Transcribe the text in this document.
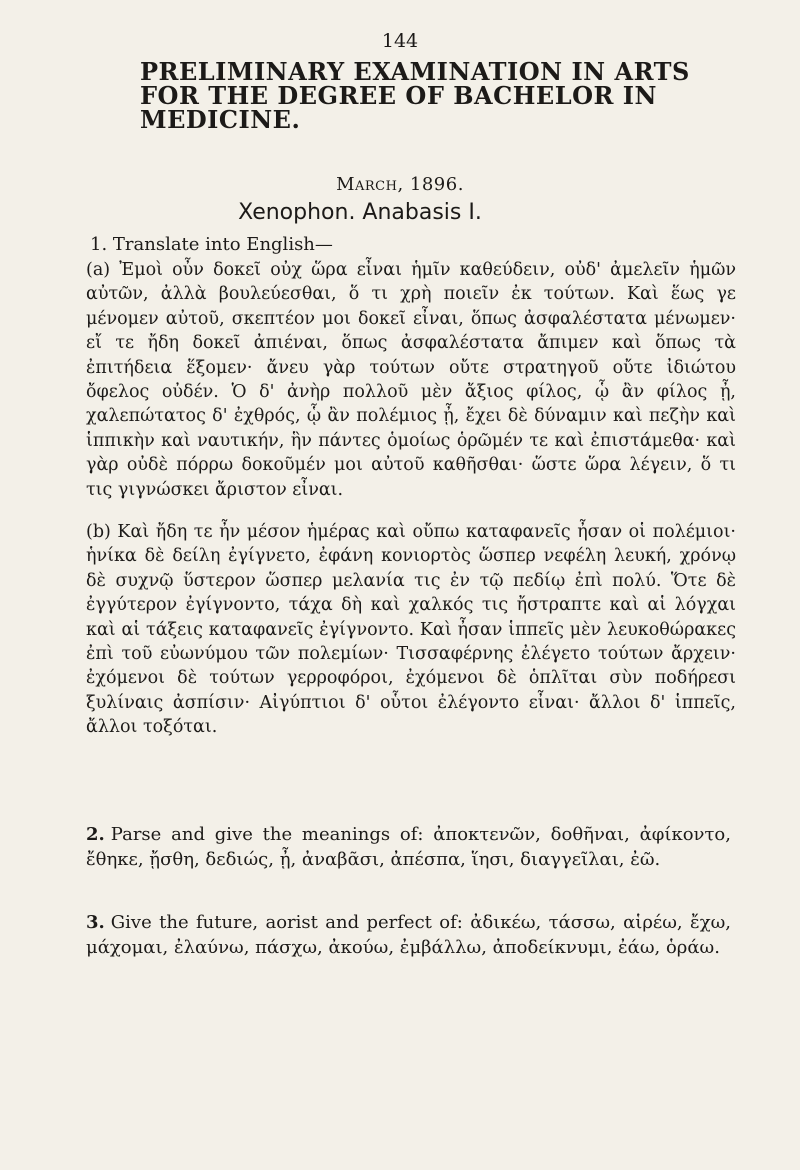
144
PRELIMINARY EXAMINATION IN ARTS
FOR THE DEGREE OF BACHELOR IN
MEDICINE.
March, 1896.
Xenophon. Anabasis I.
1. Translate into English—

(a) Ἐμοὶ οὖν δοκεῖ οὐχ ὥρα εἶναι ἡμῖν καθεύδειν, οὐδ' ἀμελεῖν ἡμῶν αὐτῶν, ἀλλὰ βουλεύεσθαι, ὅ τι χρὴ ποιεῖν ἐκ τούτων. Καὶ ἕως γε μένομεν αὐτοῦ, σκεπτέον μοι δοκεῖ εἶναι, ὅπως ἀσφαλέστατα μένωμεν· εἴ τε ἤδη δοκεῖ ἀπιέναι, ὅπως ἀσφαλέστατα ἄπιμεν καὶ ὅπως τὰ ἐπιτήδεια ἕξομεν· ἄνευ γὰρ τούτων οὔτε στρατηγοῦ οὔτε ἰδιώτου ὄφελος οὐδέν. Ὁ δ' ἀνὴρ πολλοῦ μὲν ἄξιος φίλος, ᾧ ἂν φίλος ᾖ, χαλεπώτατος δ' ἐχθρός, ᾧ ἂν πολέμιος ᾖ, ἔχει δὲ δύναμιν καὶ πεζὴν καὶ ἱππικὴν καὶ ναυτικήν, ἣν πάντες ὁμοίως ὁρῶμέν τε καὶ ἐπιστάμεθα· καὶ γὰρ οὐδὲ πόρρω δοκοῦμέν μοι αὐτοῦ καθῆσθαι· ὥστε ὥρα λέγειν, ὅ τι τις γιγνώσκει ἄριστον εἶναι.

(b) Καὶ ἤδη τε ἦν μέσον ἡμέρας καὶ οὔπω καταφανεῖς ἦσαν οἱ πολέμιοι· ἡνίκα δὲ δείλη ἐγίγνετο, ἐφάνη κονιορτὸς ὥσπερ νεφέλη λευκή, χρόνῳ δὲ συχνῷ ὕστερον ὥσπερ μελανία τις ἐν τῷ πεδίῳ ἐπὶ πολύ. Ὅτε δὲ ἐγγύτερον ἐγίγνοντο, τάχα δὴ καὶ χαλκός τις ἤστραπτε καὶ αἱ λόγχαι καὶ αἱ τάξεις καταφανεῖς ἐγίγνοντο. Καὶ ἦσαν ἱππεῖς μὲν λευκοθώρακες ἐπὶ τοῦ εὐωνύμου τῶν πολεμίων· Τισσαφέρνης ἐλέγετο τούτων ἄρχειν· ἐχόμενοι δὲ τούτων γερροφόροι, ἐχόμενοι δὲ ὁπλῖται σὺν ποδήρεσι ξυλίναις ἀσπίσιν· Αἰγύπτιοι δ' οὗτοι ἐλέγοντο εἶναι· ἄλλοι δ' ἱππεῖς, ἄλλοι τοξόται.

2. Parse and give the meanings of: ἀποκτενῶν, δοθῆναι, ἀφίκοντο, ἔθηκε, ᾔσθη, δεδιώς, ᾖ, ἀναβᾶσι, ἀπέσπα, ἵησι, διαγγεῖλαι, ἐῶ.

3. Give the future, aorist and perfect of: ἀδικέω, τάσσω, αἱρέω, ἔχω, μάχομαι, ἐλαύνω, πάσχω, ἀκούω, ἐμβάλλω, ἀποδείκνυμι, ἐάω, ὁράω.
